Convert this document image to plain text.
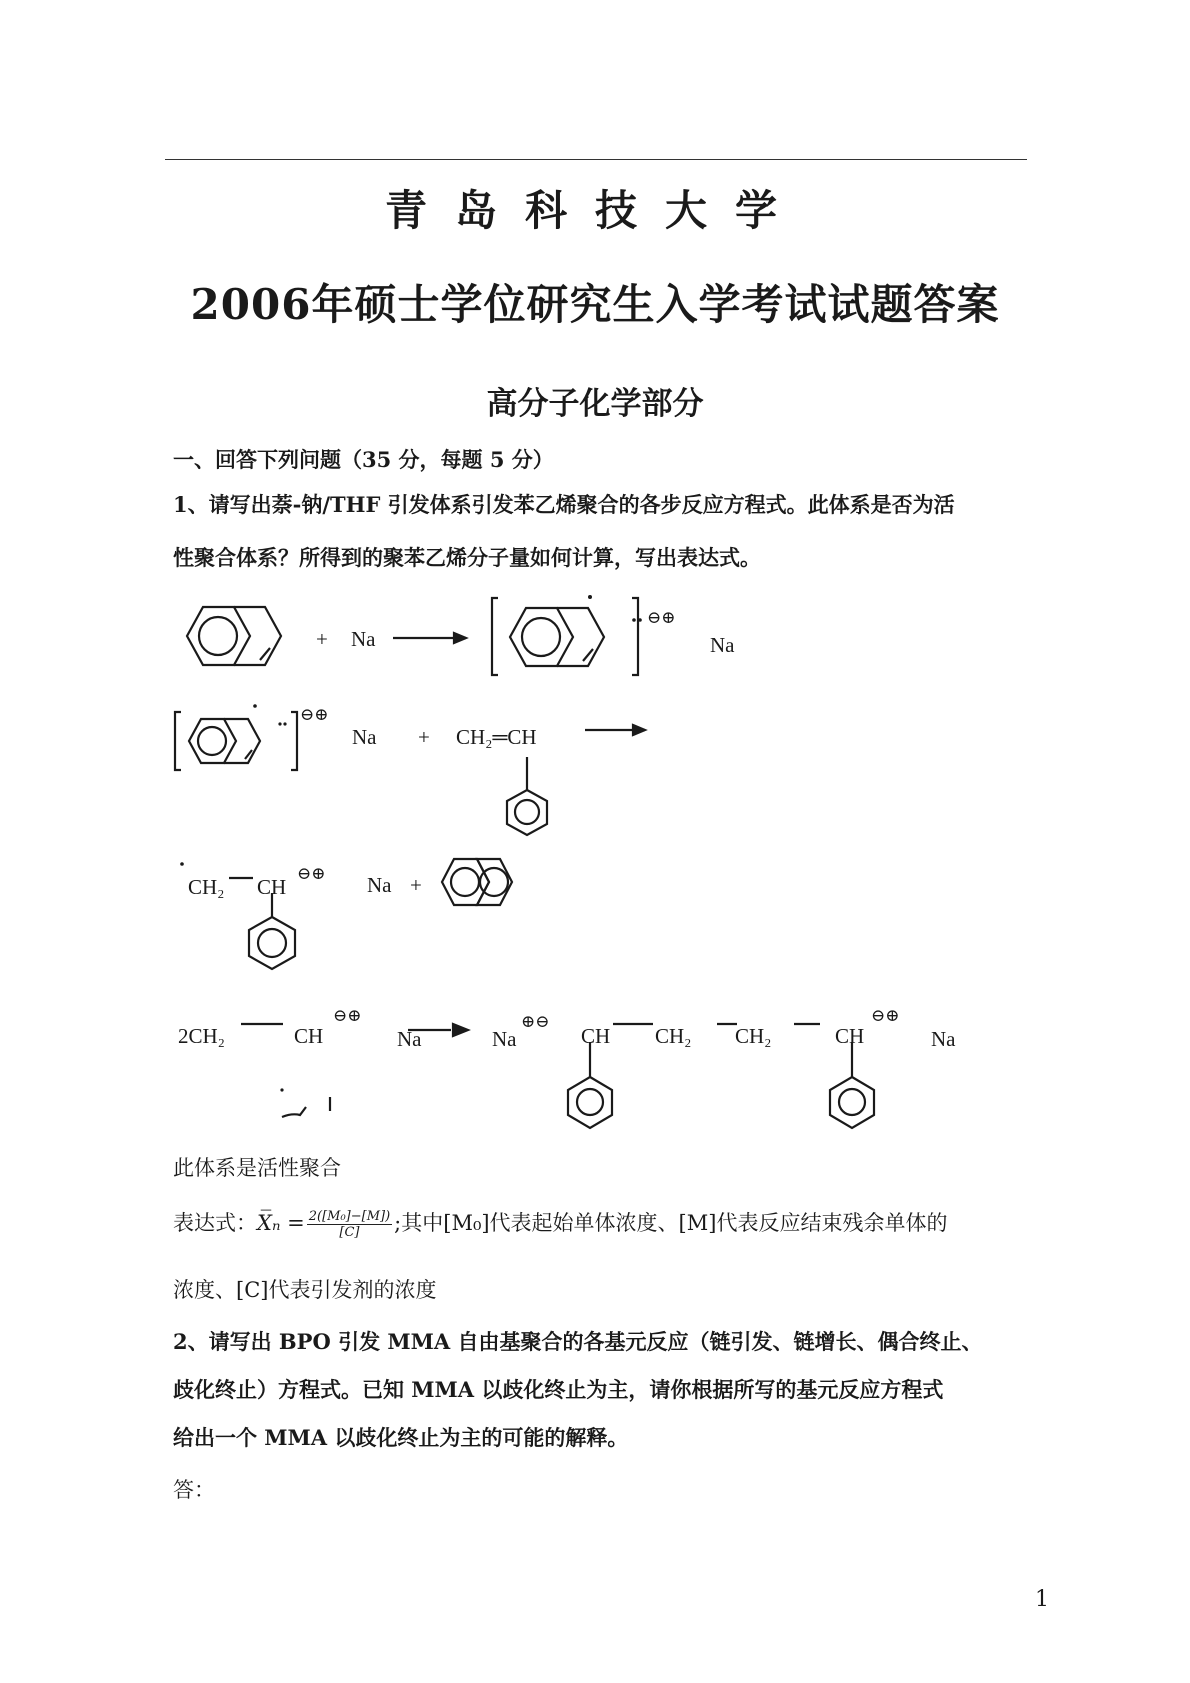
青岛科技大学
2006年硕士学位研究生入学考试试题答案
高分子化学部分
一、回答下列问题（35 分，每题 5 分）
1、请写出萘-钠/THF 引发体系引发苯乙烯聚合的各步反应方程式。此体系是否为活
性聚合体系？所得到的聚苯乙烯分子量如何计算，写出表达式。
+ Na
⊖⊕
Na
⊖⊕
Na + CH₂═CH
CH₂ CH
⊖⊕ Na +
2CH₂	CH
⊖⊕
Na	Na
⊕⊖
CH CH₂ CH₂	CH
⊖⊕
Na
此体系是活性聚合
表达式：X̅ₙ = $\frac{\text{2([M₀]−[M])}}{[C]}$ ;其中[M₀]代表起始单体浓度、[M]代表反应结束残余单体的
浓度、[C]代表引发剂的浓度
2、请写出 BPO 引发 MMA 自由基聚合的各基元反应（链引发、链增长、偶合终止、
歧化终止）方程式。已知 MMA 以歧化终止为主，请你根据所写的基元反应方程式
给出一个 MMA 以歧化终止为主的可能的解释。
答：
1
